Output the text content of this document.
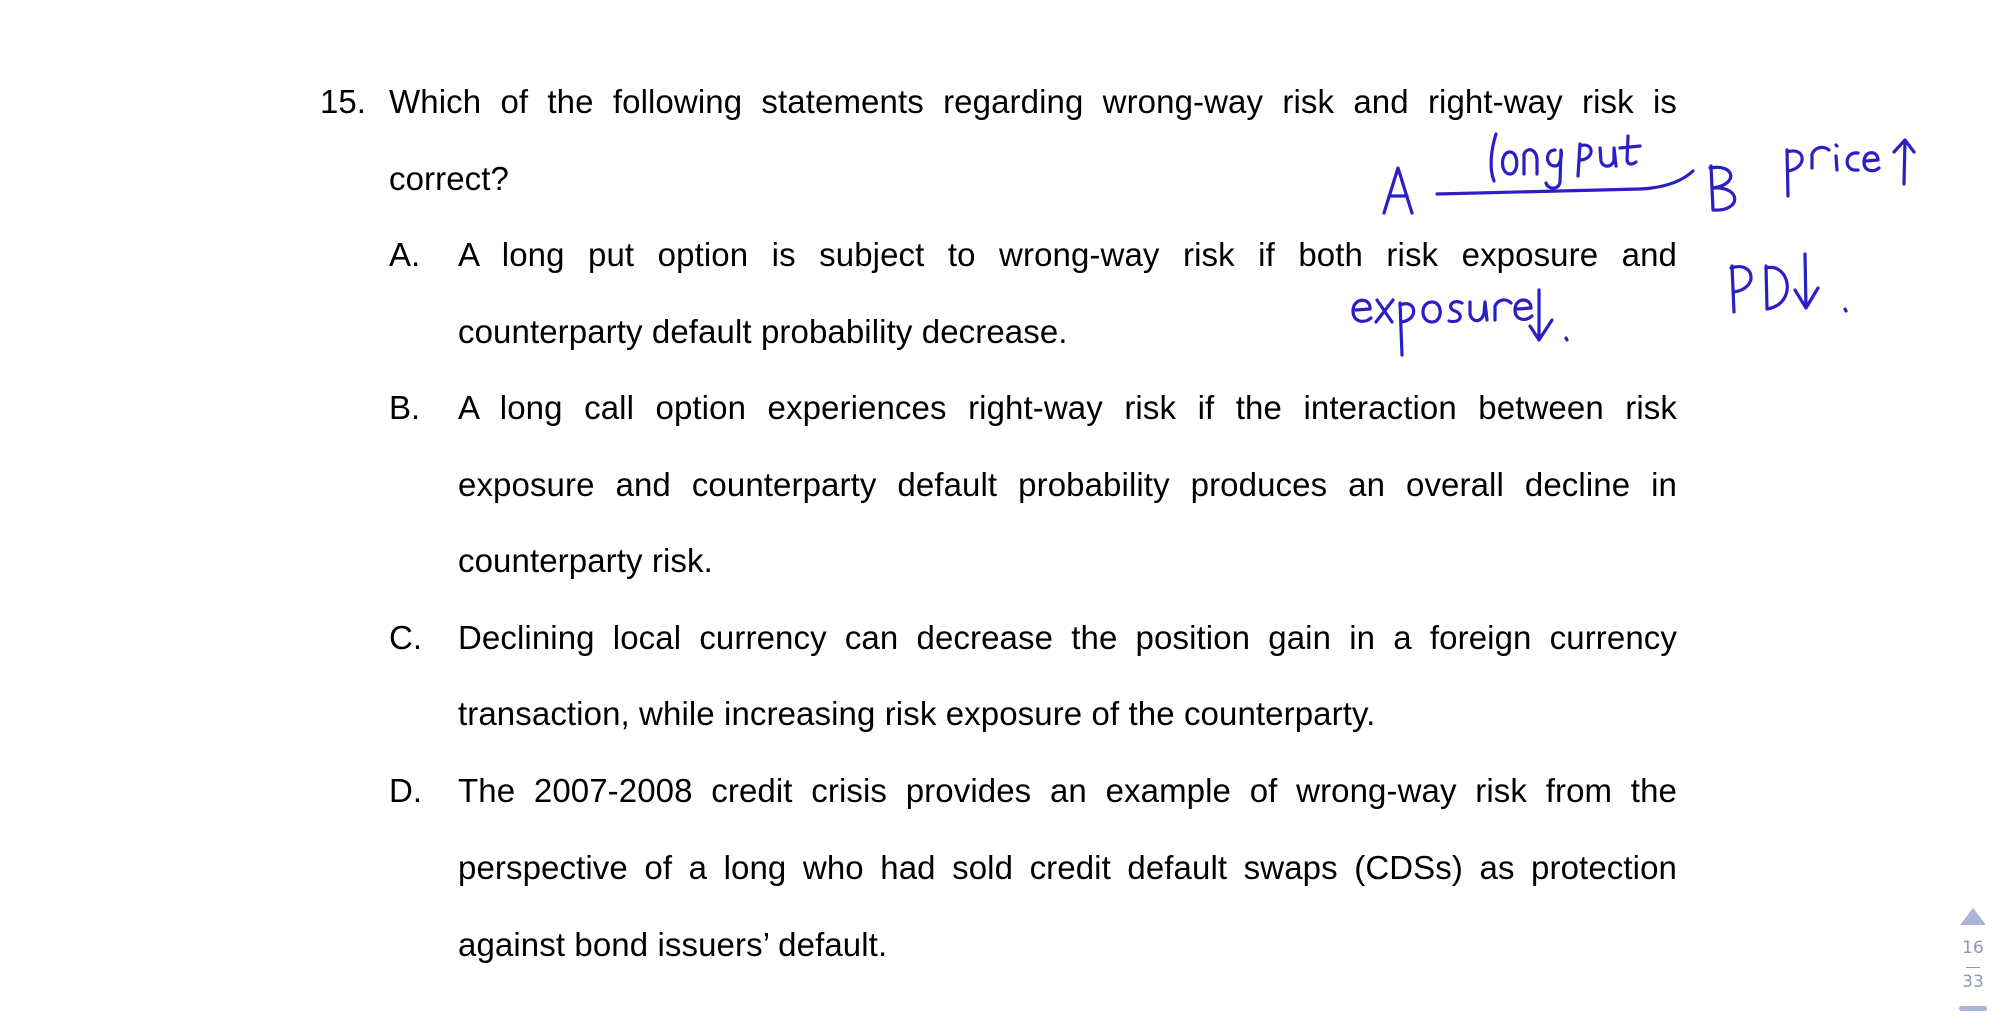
15. Which of the following statements regarding wrong-way risk and right-way risk is
correct?
A. A long put option is subject to wrong-way risk if both risk exposure and
counterparty default probability decrease.
B. A long call option experiences right-way risk if the interaction between risk
exposure and counterparty default probability produces an overall decline in
counterparty risk.
C. Declining local currency can decrease the position gain in a foreign currency
transaction, while increasing risk exposure of the counterparty.
D. The 2007-2008 credit crisis provides an example of wrong-way risk from the
perspective of a long who had sold credit default swaps (CDSs) as protection
against bond issuers’ default.	16
33
